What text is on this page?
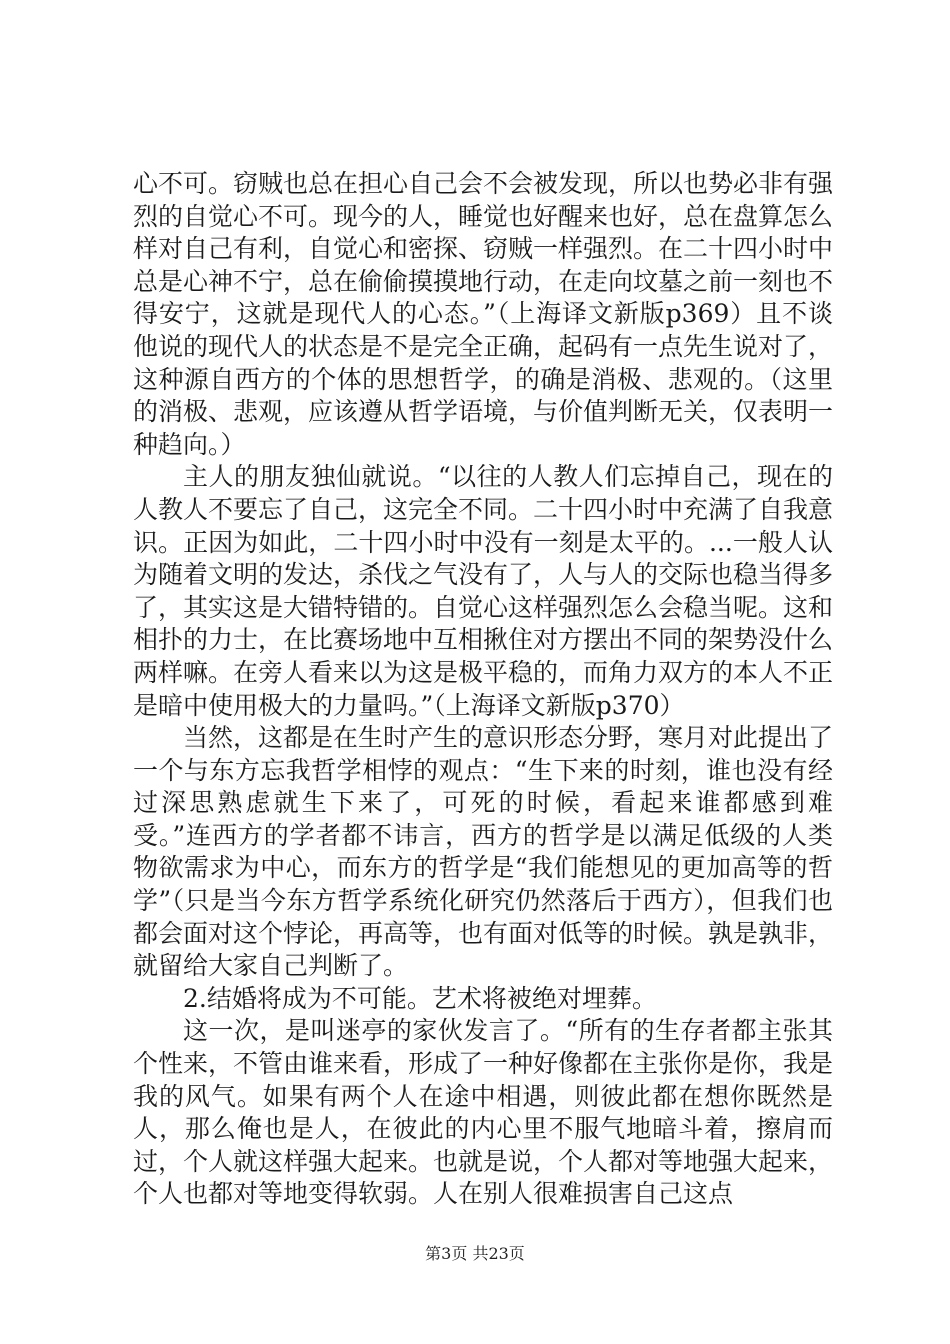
心不可。窃贼也总在担心自己会不会被发现，所以也势必非有强烈的自觉心不可。现今的人，睡觉也好醒来也好，总在盘算怎么样对自己有利，自觉心和密探、窃贼一样强烈。在二十四小时中总是心神不宁，总在偷偷摸摸地行动，在走向坟墓之前一刻也不得安宁，这就是现代人的心态。”（上海译文新版p369）且不谈他说的现代人的状态是不是完全正确，起码有一点先生说对了，这种源自西方的个体的思想哲学，的确是消极、悲观的。（这里的消极、悲观，应该遵从哲学语境，与价值判断无关，仅表明一种趋向。）

主人的朋友独仙就说。“以往的人教人们忘掉自己，现在的人教人不要忘了自己，这完全不同。二十四小时中充满了自我意识。正因为如此，二十四小时中没有一刻是太平的。...一般人认为随着文明的发达，杀伐之气没有了，人与人的交际也稳当得多了，其实这是大错特错的。自觉心这样强烈怎么会稳当呢。这和相扑的力士，在比赛场地中互相揪住对方摆出不同的架势没什么两样嘛。在旁人看来以为这是极平稳的，而角力双方的本人不正是暗中使用极大的力量吗。”（上海译文新版p370）

当然，这都是在生时产生的意识形态分野，寒月对此提出了一个与东方忘我哲学相悖的观点：“生下来的时刻，谁也没有经过深思熟虑就生下来了，可死的时候，看起来谁都感到难受。”连西方的学者都不讳言，西方的哲学是以满足低级的人类物欲需求为中心，而东方的哲学是“我们能想见的更加高等的哲学”（只是当今东方哲学系统化研究仍然落后于西方），但我们也都会面对这个悖论，再高等，也有面对低等的时候。孰是孰非，就留给大家自己判断了。

2.结婚将成为不可能。艺术将被绝对埋葬。

这一次，是叫迷亭的家伙发言了。“所有的生存者都主张其个性来，不管由谁来看，形成了一种好像都在主张你是你，我是我的风气。如果有两个人在途中相遇，则彼此都在想你既然是人，那么俺也是人，在彼此的内心里不服气地暗斗着，擦肩而过，个人就这样强大起来。也就是说，个人都对等地强大起来，个人也都对等地变得软弱。人在别人很难损害自己这点

第3页 共23页
